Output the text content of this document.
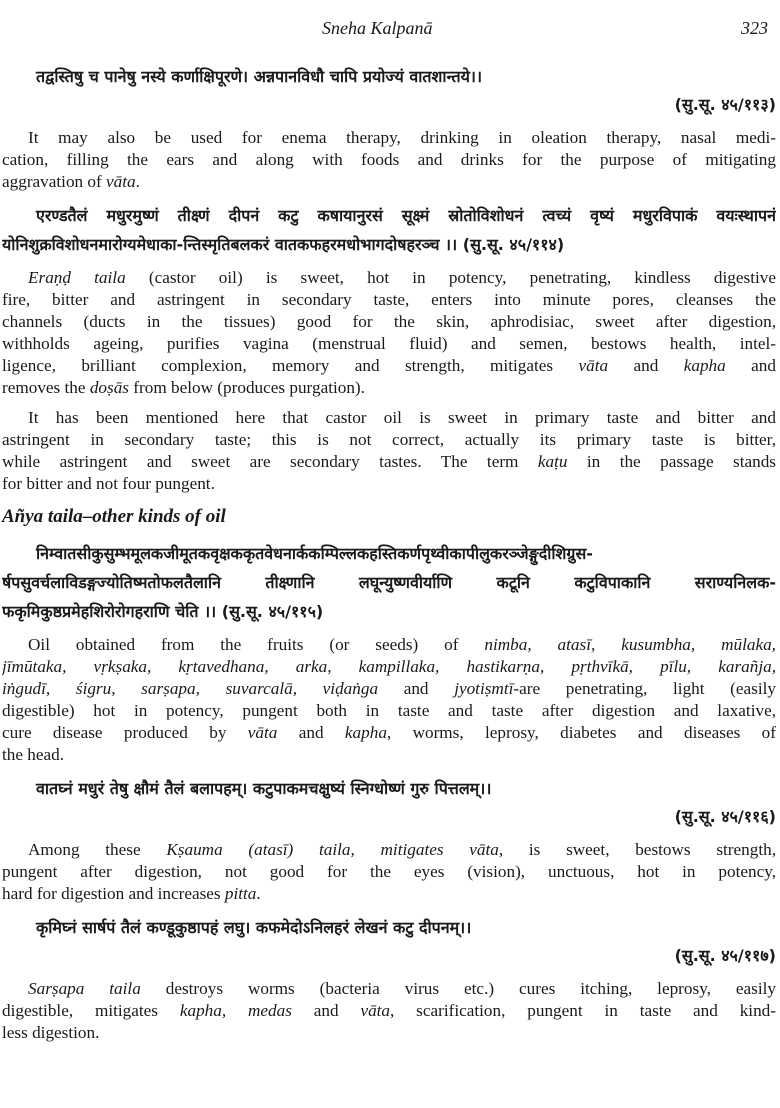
Sneha Kalpanā	323
तद्वस्तिषु च पानेषु नस्ये कर्णाक्षिपूरणे। अन्नपानविधौ चापि प्रयोज्यं वातशान्तये।।
(सु.सू. ४५/११३)
It may also be used for enema therapy, drinking in oleation therapy, nasal medi-
cation, filling the ears and along with foods and drinks for the purpose of mitigating
aggravation of vāta.
एरण्डतैलं मधुरमुष्णं तीक्ष्णं दीपनं कटु कषायानुरसं सूक्ष्मं स्रोतोविशोधनं त्वच्यं वृष्यं मधुरविपाकं वयःस्थापनं
योनिशुक्रविशोधनमारोग्यमेधाका-न्तिस्मृतिबलकरं वातकफहरमधोभागदोषहरञ्च ।। (सु.सू. ४५/११४)
Eraṇḍ taila (castor oil) is sweet, hot in potency, penetrating, kindless digestive
fire, bitter and astringent in secondary taste, enters into minute pores, cleanses the
channels (ducts in the tissues) good for the skin, aphrodisiac, sweet after digestion,
withholds ageing, purifies vagina (menstrual fluid) and semen, bestows health, intel-
ligence, brilliant complexion, memory and strength, mitigates vāta and kapha and
removes the doṣās from below (produces purgation).
It has been mentioned here that castor oil is sweet in primary taste and bitter and
astringent in secondary taste; this is not correct, actually its primary taste is bitter,
while astringent and sweet are secondary tastes. The term kaṭu in the passage stands
for bitter and not four pungent.
Añya taila–other kinds of oil
निम्वातसीकुसुम्भमूलकजीमूतकवृक्षककृतवेधनार्ककम्पिल्लकहस्तिकर्णपृथ्वीकापीलुकरञ्जेङ्गुदीशिग्रुस-
र्षपसुवर्चलाविडङ्गज्योतिष्मतोफलतैलानि तीक्ष्णानि लघून्युष्णवीर्याणि कटूनि कटुविपाकानि सराण्यनिलक-
फकृमिकुष्ठप्रमेहशिरोरोगहराणि चेति ।। (सु.सू. ४५/११५)
Oil obtained from the fruits (or seeds) of nimba, atasī, kusumbha, mūlaka,
jīmūtaka, vṛkṣaka, kṛtavedhana, arka, kampillaka, hastikarṇa, pṛthvīkā, pīlu, karañja,
iṅgudī, śigru, sarṣapa, suvarcalā, viḍaṅga and jyotiṣmtī-are penetrating, light (easily
digestible) hot in potency, pungent both in taste and taste after digestion and laxative,
cure disease produced by vāta and kapha, worms, leprosy, diabetes and diseases of
the head.
वातघ्नं मधुरं तेषु क्षौमं तैलं बलापहम्। कटुपाकमचक्षुष्यं स्निग्धोष्णं गुरु पित्तलम्।।
(सु.सू. ४५/११६)
Among these Kṣauma (atasī) taila, mitigates vāta, is sweet, bestows strength,
pungent after digestion, not good for the eyes (vision), unctuous, hot in potency,
hard for digestion and increases pitta.
कृमिघ्नं सार्षपं तैलं कण्डूकुष्ठापहं लघु। कफमेदोऽनिलहरं लेखनं कटु दीपनम्।।
(सु.सू. ४५/११७)
Sarṣapa taila destroys worms (bacteria virus etc.) cures itching, leprosy, easily
digestible, mitigates kapha, medas and vāta, scarification, pungent in taste and kind-
less digestion.
